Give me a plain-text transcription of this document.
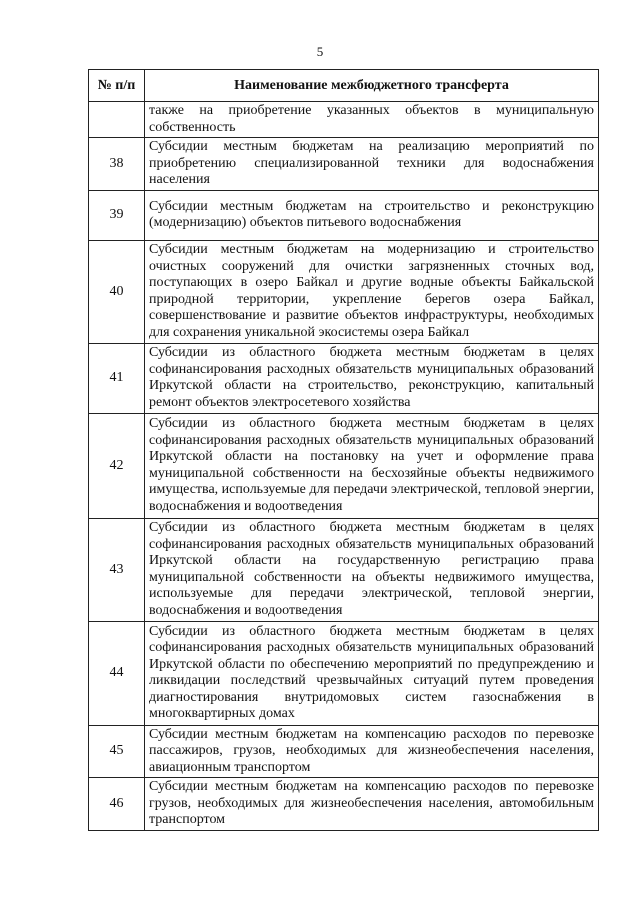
5
№ п/п	Наименование межбюджетного трансферта
	также на приобретение указанных объектов в муниципальную собственность
38	Субсидии местным бюджетам на реализацию мероприятий по приобретению специализированной техники для водоснабжения населения
39	Субсидии местным бюджетам на строительство и реконструкцию (модернизацию) объектов питьевого водоснабжения
40	Субсидии местным бюджетам на модернизацию и строительство очистных сооружений для очистки загрязненных сточных вод, поступающих в озеро Байкал и другие водные объекты Байкальской природной территории, укрепление берегов озера Байкал, совершенствование и развитие объектов инфраструктуры, необходимых для сохранения уникальной экосистемы озера Байкал
41	Субсидии из областного бюджета местным бюджетам в целях софинансирования расходных обязательств муниципальных образований Иркутской области на строительство, реконструкцию, капитальный ремонт объектов электросетевого хозяйства
42	Субсидии из областного бюджета местным бюджетам в целях софинансирования расходных обязательств муниципальных образований Иркутской области на постановку на учет и оформление права муниципальной собственности на бесхозяйные объекты недвижимого имущества, используемые для передачи электрической, тепловой энергии, водоснабжения и водоотведения
43	Субсидии из областного бюджета местным бюджетам в целях софинансирования расходных обязательств муниципальных образований Иркутской области на государственную регистрацию права муниципальной собственности на объекты недвижимого имущества, используемые для передачи электрической, тепловой энергии, водоснабжения и водоотведения
44	Субсидии из областного бюджета местным бюджетам в целях софинансирования расходных обязательств муниципальных образований Иркутской области по обеспечению мероприятий по предупреждению и ликвидации последствий чрезвычайных ситуаций путем проведения диагностирования внутридомовых систем газоснабжения в многоквартирных домах
45	Субсидии местным бюджетам на компенсацию расходов по перевозке пассажиров, грузов, необходимых для жизнеобеспечения населения, авиационным транспортом
46	Субсидии местным бюджетам на компенсацию расходов по перевозке грузов, необходимых для жизнеобеспечения населения, автомобильным транспортом
